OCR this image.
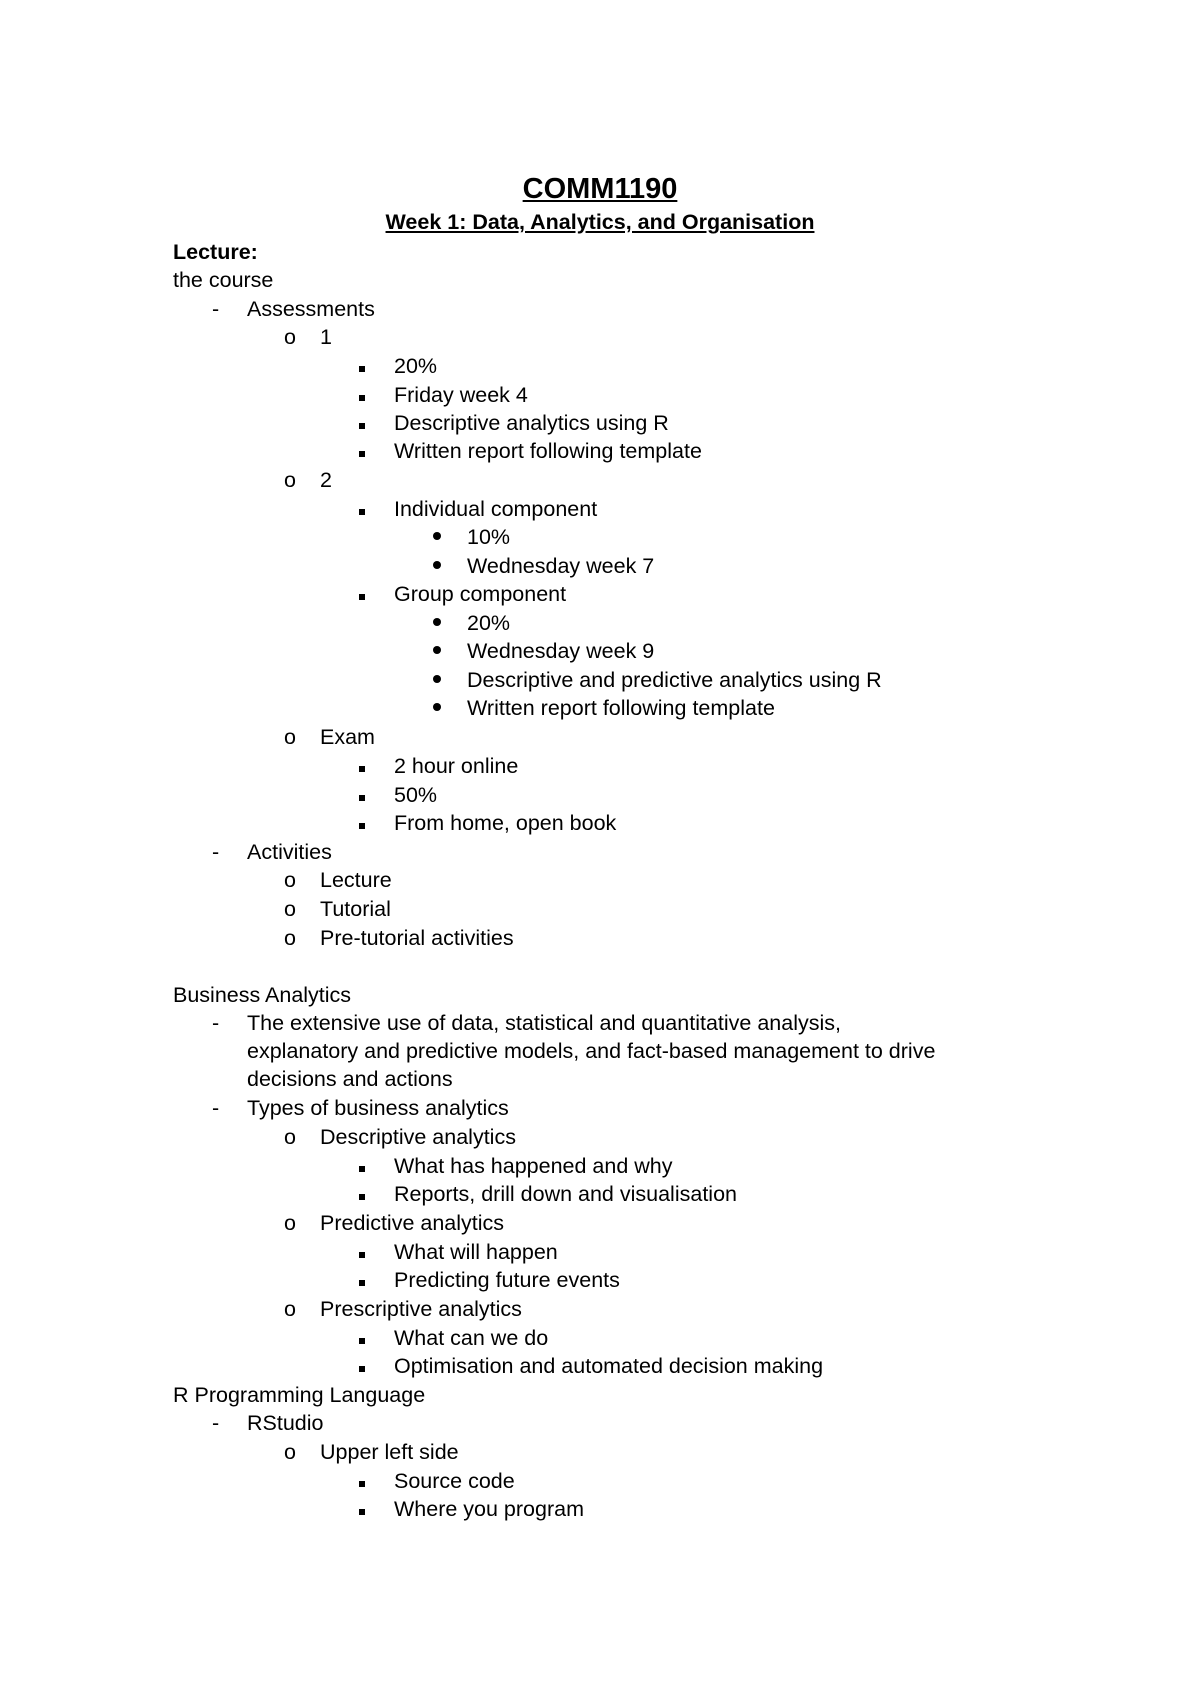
COMM1190
Week 1: Data, Analytics, and Organisation
Lecture:
the course
- Assessments
o 1
20%
Friday week 4
Descriptive analytics using R
Written report following template
o 2
Individual component
10%
Wednesday week 7
Group component
20%
Wednesday week 9
Descriptive and predictive analytics using R
Written report following template
o Exam
2 hour online
50%
From home, open book
- Activities
o Lecture
o Tutorial
o Pre-tutorial activities
Business Analytics
- The extensive use of data, statistical and quantitative analysis,
explanatory and predictive models, and fact-based management to drive
decisions and actions
- Types of business analytics
o Descriptive analytics
What has happened and why
Reports, drill down and visualisation
o Predictive analytics
What will happen
Predicting future events
o Prescriptive analytics
What can we do
Optimisation and automated decision making
R Programming Language
- RStudio
o Upper left side
Source code
Where you program
